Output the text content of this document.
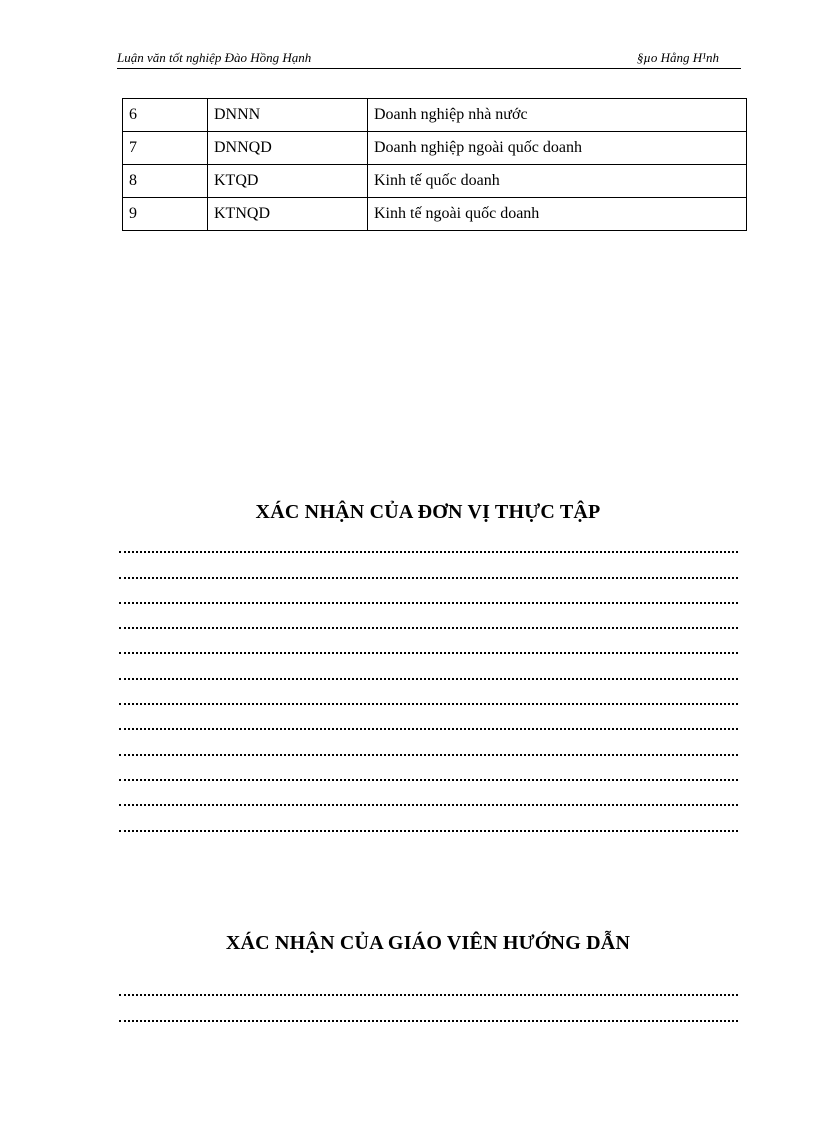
Luận văn tốt nghiệp Đào Hồng Hạnh	§µo Hång H¹nh
6	DNNN	Doanh nghiệp nhà nước
7	DNNQD	Doanh nghiệp ngoài quốc doanh
8	KTQD	Kinh tế quốc doanh
9	KTNQD	Kinh tế ngoài quốc doanh
XÁC NHẬN CỦA ĐƠN VỊ THỰC TẬP
XÁC NHẬN CỦA GIÁO VIÊN HƯỚNG DẪN
